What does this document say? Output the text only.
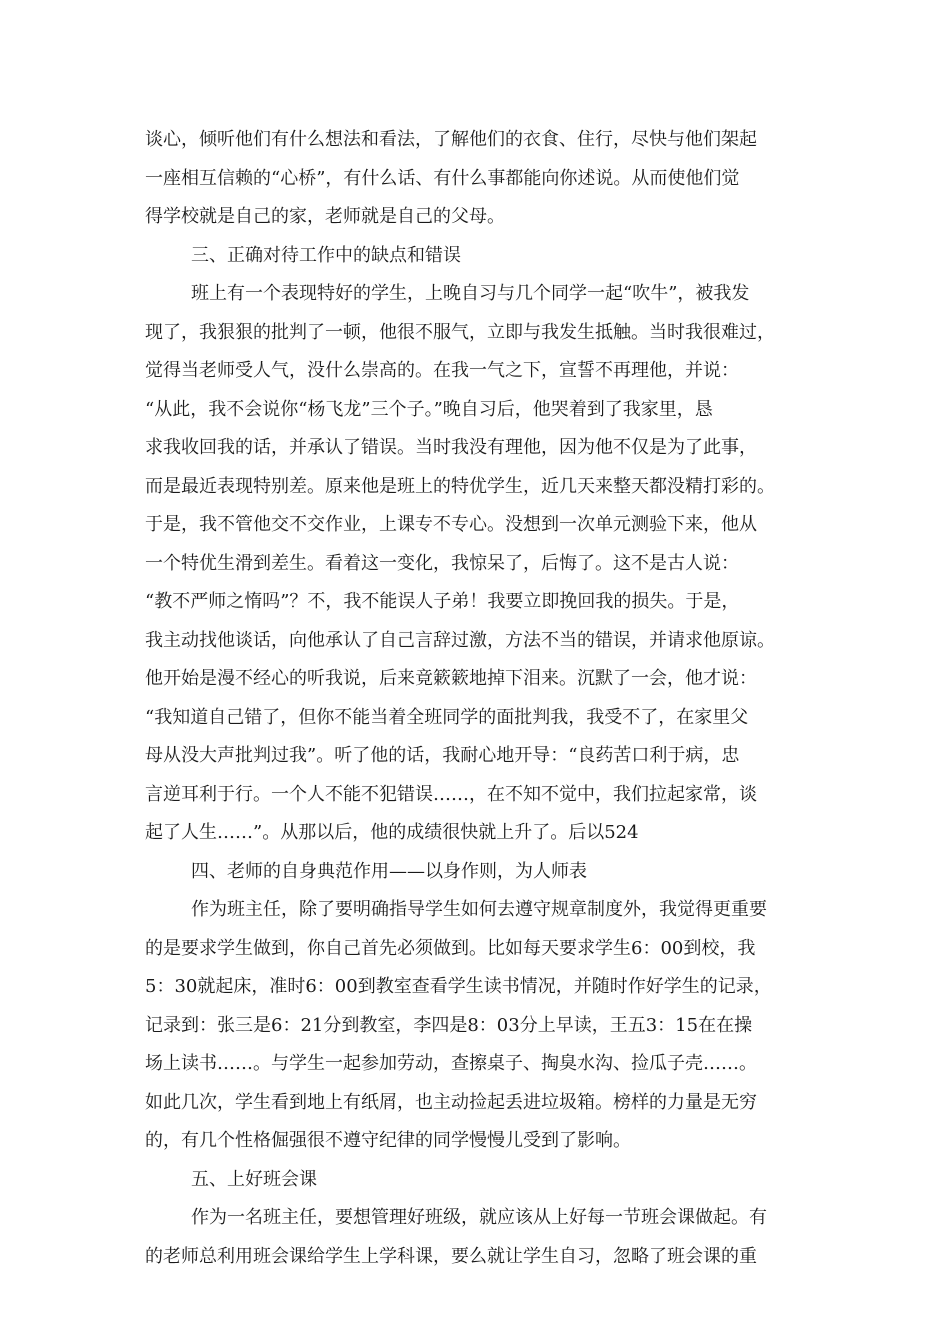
谈心，倾听他们有什么想法和看法，了解他们的衣食、住行，尽快与他们架起
一座相互信赖的“心桥”，有什么话、有什么事都能向你述说。从而使他们觉
得学校就是自己的家，老师就是自己的父母。
三、正确对待工作中的缺点和错误
班上有一个表现特好的学生，上晚自习与几个同学一起“吹牛”，被我发
现了，我狠狠的批判了一顿，他很不服气，立即与我发生抵触。当时我很难过，
觉得当老师受人气，没什么崇高的。在我一气之下，宣誓不再理他，并说：
“从此，我不会说你“杨飞龙”三个子。”晚自习后，他哭着到了我家里，恳
求我收回我的话，并承认了错误。当时我没有理他，因为他不仅是为了此事，
而是最近表现特别差。原来他是班上的特优学生，近几天来整天都没精打彩的。
于是，我不管他交不交作业，上课专不专心。没想到一次单元测验下来，他从
一个特优生滑到差生。看着这一变化，我惊呆了，后悔了。这不是古人说：
“教不严师之惰吗”？不，我不能误人子弟！我要立即挽回我的损失。于是，
我主动找他谈话，向他承认了自己言辞过激，方法不当的错误，并请求他原谅。
他开始是漫不经心的听我说，后来竟簌簌地掉下泪来。沉默了一会，他才说：
“我知道自己错了，但你不能当着全班同学的面批判我，我受不了，在家里父
母从没大声批判过我”。听了他的话，我耐心地开导：“良药苦口利于病，忠
言逆耳利于行。一个人不能不犯错误……，在不知不觉中，我们拉起家常，谈
起了人生……”。从那以后，他的成绩很快就上升了。后以524
四、老师的自身典范作用——以身作则，为人师表
作为班主任，除了要明确指导学生如何去遵守规章制度外，我觉得更重要
的是要求学生做到，你自己首先必须做到。比如每天要求学生6：00到校，我
5：30就起床，准时6：00到教室查看学生读书情况，并随时作好学生的记录，
记录到：张三是6：21分到教室，李四是8：03分上早读，王五3：15在在操
场上读书……。与学生一起参加劳动，查擦桌子、掏臭水沟、捡瓜子壳……。
如此几次，学生看到地上有纸屑，也主动捡起丢进垃圾箱。榜样的力量是无穷
的，有几个性格倔强很不遵守纪律的同学慢慢儿受到了影响。
五、上好班会课
作为一名班主任，要想管理好班级，就应该从上好每一节班会课做起。有
的老师总利用班会课给学生上学科课，要么就让学生自习，忽略了班会课的重
